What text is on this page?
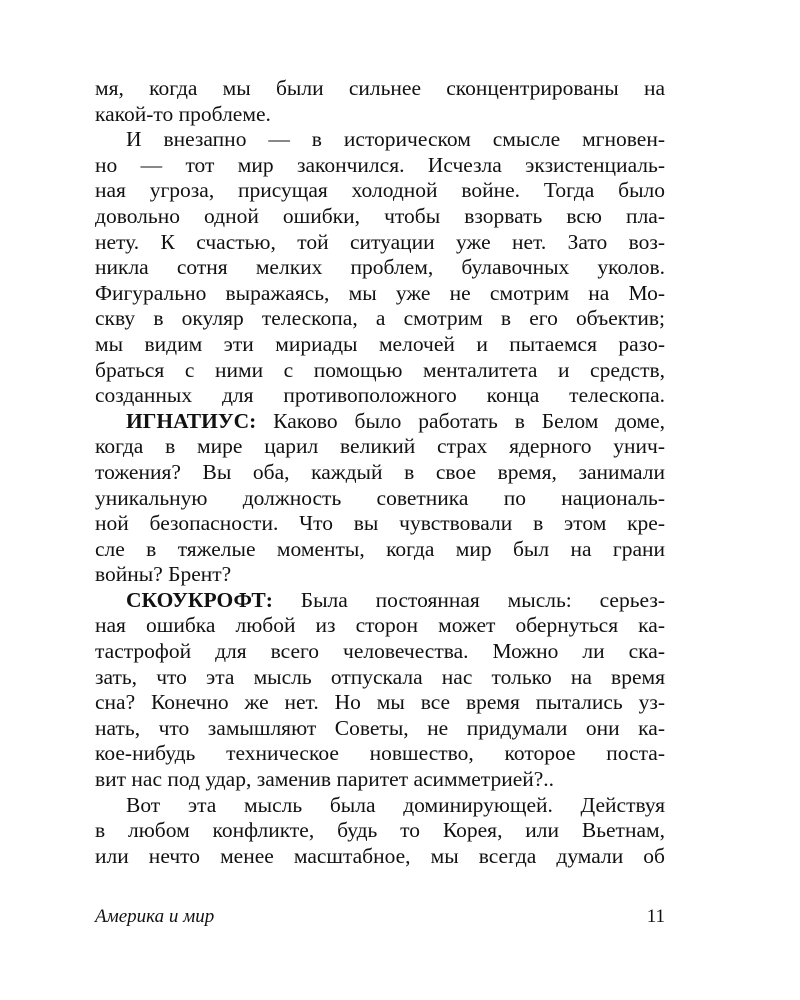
мя, когда мы были сильнее сконцентрированы на
какой-то проблеме.
И внезапно — в историческом смысле мгновен-
но — тот мир закончился. Исчезла экзистенциаль-
ная угроза, присущая холодной войне. Тогда было
довольно одной ошибки, чтобы взорвать всю пла-
нету. К счастью, той ситуации уже нет. Зато воз-
никла сотня мелких проблем, булавочных уколов.
Фигурально выражаясь, мы уже не смотрим на Мо-
скву в окуляр телескопа, а смотрим в его объектив;
мы видим эти мириады мелочей и пытаемся разо-
браться с ними с помощью менталитета и средств,
созданных для противоположного конца телескопа.
ИГНАТИУС: Каково было работать в Белом доме,
когда в мире царил великий страх ядерного унич-
тожения? Вы оба, каждый в свое время, занимали
уникальную должность советника по националь-
ной безопасности. Что вы чувствовали в этом кре-
сле в тяжелые моменты, когда мир был на грани
войны? Брент?
СКОУКРОФТ: Была постоянная мысль: серьез-
ная ошибка любой из сторон может обернуться ка-
тастрофой для всего человечества. Можно ли ска-
зать, что эта мысль отпускала нас только на время
сна? Конечно же нет. Но мы все время пытались уз-
нать, что замышляют Советы, не придумали они ка-
кое-нибудь техническое новшество, которое поста-
вит нас под удар, заменив паритет асимметрией?..
Вот эта мысль была доминирующей. Действуя
в любом конфликте, будь то Корея, или Вьетнам,
или нечто менее масштабное, мы всегда думали об
Америка и мир	11
